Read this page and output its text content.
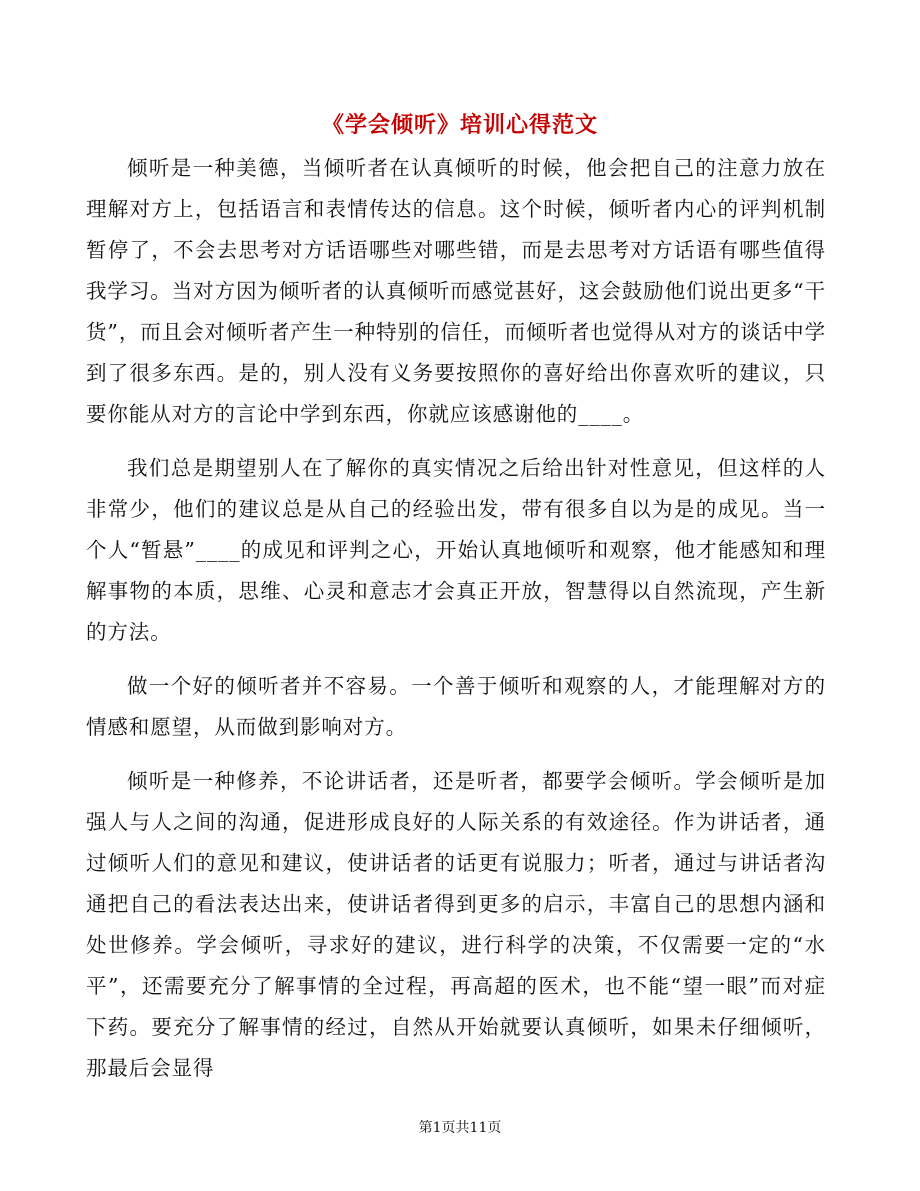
《学会倾听》培训心得范文

倾听是一种美德，当倾听者在认真倾听的时候，他会把自己的注意力放在理解对方上，包括语言和表情传达的信息。这个时候，倾听者内心的评判机制暂停了，不会去思考对方话语哪些对哪些错，而是去思考对方话语有哪些值得我学习。当对方因为倾听者的认真倾听而感觉甚好，这会鼓励他们说出更多“干货”，而且会对倾听者产生一种特别的信任，而倾听者也觉得从对方的谈话中学到了很多东西。是的，别人没有义务要按照你的喜好给出你喜欢听的建议，只要你能从对方的言论中学到东西，你就应该感谢他的____。

我们总是期望别人在了解你的真实情况之后给出针对性意见，但这样的人非常少，他们的建议总是从自己的经验出发，带有很多自以为是的成见。当一个人“暂悬”____的成见和评判之心，开始认真地倾听和观察，他才能感知和理解事物的本质，思维、心灵和意志才会真正开放，智慧得以自然流现，产生新的方法。

做一个好的倾听者并不容易。一个善于倾听和观察的人，才能理解对方的情感和愿望，从而做到影响对方。

倾听是一种修养，不论讲话者，还是听者，都要学会倾听。学会倾听是加强人与人之间的沟通，促进形成良好的人际关系的有效途径。作为讲话者，通过倾听人们的意见和建议，使讲话者的话更有说服力；听者，通过与讲话者沟通把自己的看法表达出来，使讲话者得到更多的启示，丰富自己的思想内涵和处世修养。学会倾听，寻求好的建议，进行科学的决策，不仅需要一定的“水平”，还需要充分了解事情的全过程，再高超的医术，也不能“望一眼”而对症下药。要充分了解事情的经过，自然从开始就要认真倾听，如果未仔细倾听，那最后会显得

第1页共11页
